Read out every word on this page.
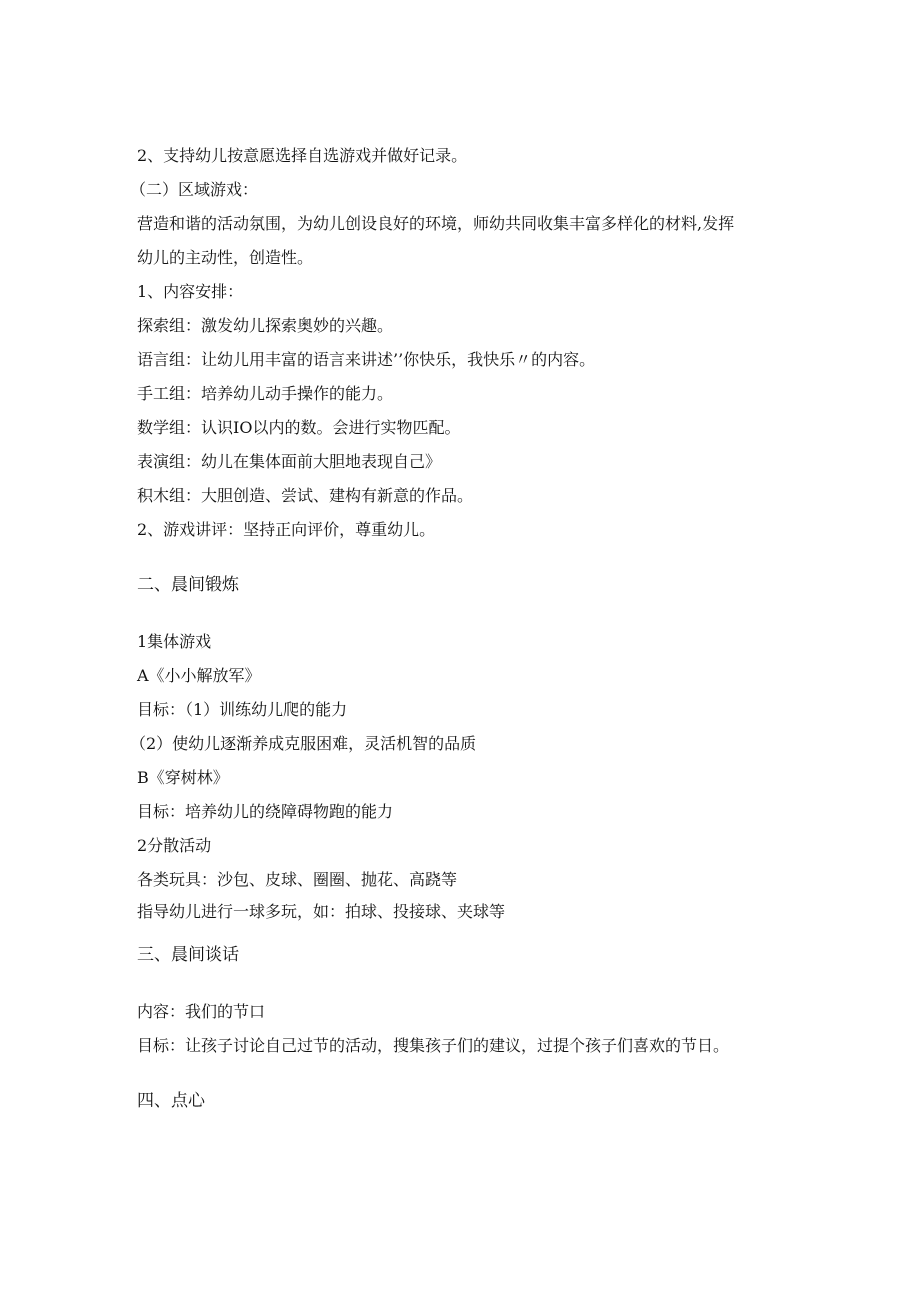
2、支持幼儿按意愿选择自选游戏并做好记录。
（二）区域游戏：
营造和谐的活动氛围，为幼儿创设良好的环境，师幼共同收集丰富多样化的材料,发挥
幼儿的主动性，创造性。
1、内容安排：
探索组：激发幼儿探索奥妙的兴趣。
语言组：让幼儿用丰富的语言来讲述’’你快乐，我快乐〃的内容。
手工组：培养幼儿动手操作的能力。
数学组：认识IO以内的数。会进行实物匹配。
表演组：幼儿在集体面前大胆地表现自己》
积木组：大胆创造、尝试、建构有新意的作品。
2、游戏讲评：坚持正向评价，尊重幼儿。
二、晨间锻炼
1集体游戏
A《小小解放军》
目标：（1）训练幼儿爬的能力
（2）使幼儿逐渐养成克服困难，灵活机智的品质
B《穿树林》
目标：培养幼儿的绕障碍物跑的能力
2分散活动
各类玩具：沙包、皮球、圈圈、抛花、高跷等
指导幼儿进行一球多玩，如：拍球、投接球、夹球等
三、晨间谈话
内容：我们的节口
目标：让孩子讨论自己过节的活动，搜集孩子们的建议，过提个孩子们喜欢的节日。
四、点心
